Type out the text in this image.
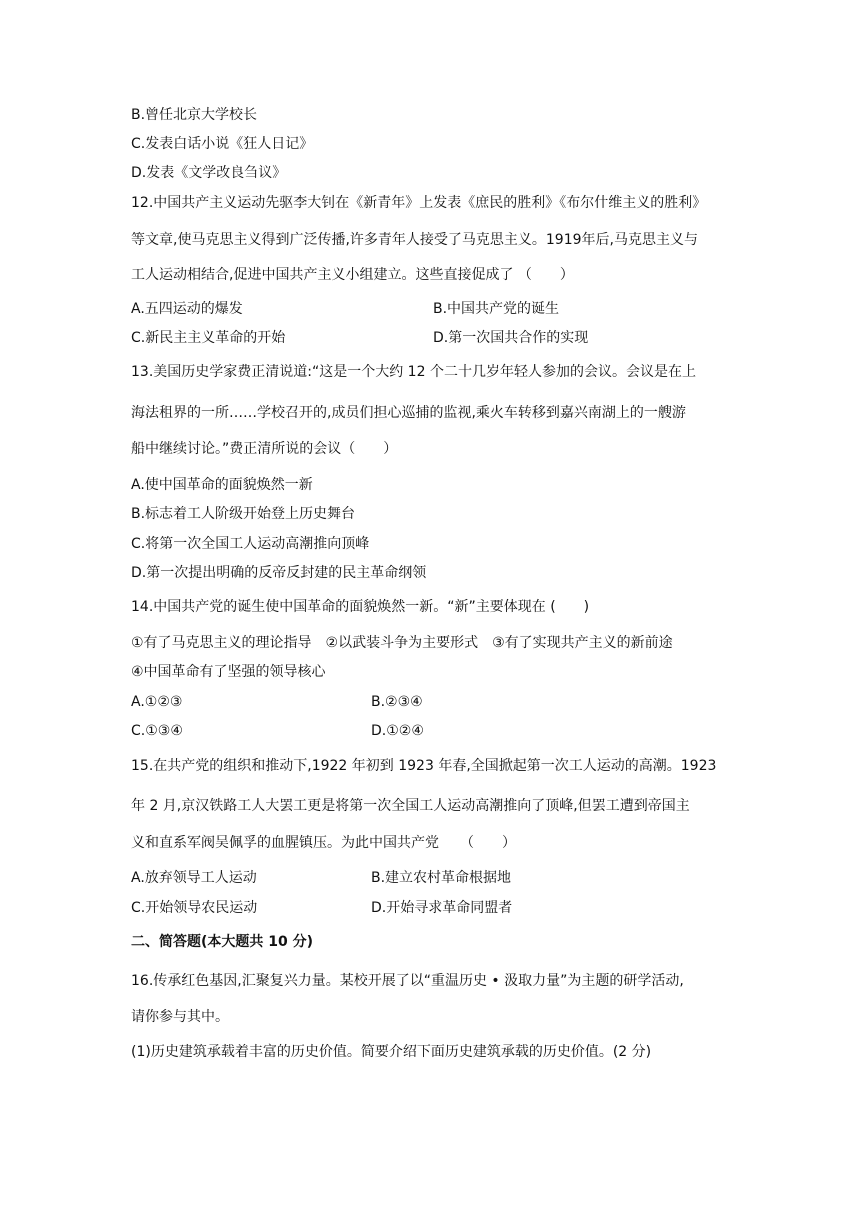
B.曾任北京大学校长
C.发表白话小说《狂人日记》
D.发表《文学改良刍议》
12.中国共产主义运动先驱李大钊在《新青年》上发表《庶民的胜利》《布尔什维主义的胜利》
等文章,使马克思主义得到广泛传播,许多青年人接受了马克思主义。1919年后,马克思主义与
工人运动相结合,促进中国共产主义小组建立。这些直接促成了 （　　）
A.五四运动的爆发	B.中国共产党的诞生
C.新民主主义革命的开始	D.第一次国共合作的实现
13.美国历史学家费正清说道:“这是一个大约 12 个二十几岁年轻人参加的会议。会议是在上
海法租界的一所……学校召开的,成员们担心巡捕的监视,乘火车转移到嘉兴南湖上的一艘游
船中继续讨论。”费正清所说的会议（　　）
A.使中国革命的面貌焕然一新
B.标志着工人阶级开始登上历史舞台
C.将第一次全国工人运动高潮推向顶峰
D.第一次提出明确的反帝反封建的民主革命纲领
14.中国共产党的诞生使中国革命的面貌焕然一新。“新”主要体现在 (　　)
①有了马克思主义的理论指导　②以武装斗争为主要形式　③有了实现共产主义的新前途
④中国革命有了坚强的领导核心
A.①②③	B.②③④
C.①③④	D.①②④
15.在共产党的组织和推动下,1922 年初到 1923 年春,全国掀起第一次工人运动的高潮。1923
年 2 月,京汉铁路工人大罢工更是将第一次全国工人运动高潮推向了顶峰,但罢工遭到帝国主
义和直系军阀吴佩孚的血腥镇压。为此中国共产党　　（　　）
A.放弃领导工人运动	B.建立农村革命根据地
C.开始领导农民运动	D.开始寻求革命同盟者
二、简答题(本大题共 10 分)
16.传承红色基因,汇聚复兴力量。某校开展了以“重温历史 • 汲取力量”为主题的研学活动,
请你参与其中。
(1)历史建筑承载着丰富的历史价值。简要介绍下面历史建筑承载的历史价值。(2 分)
